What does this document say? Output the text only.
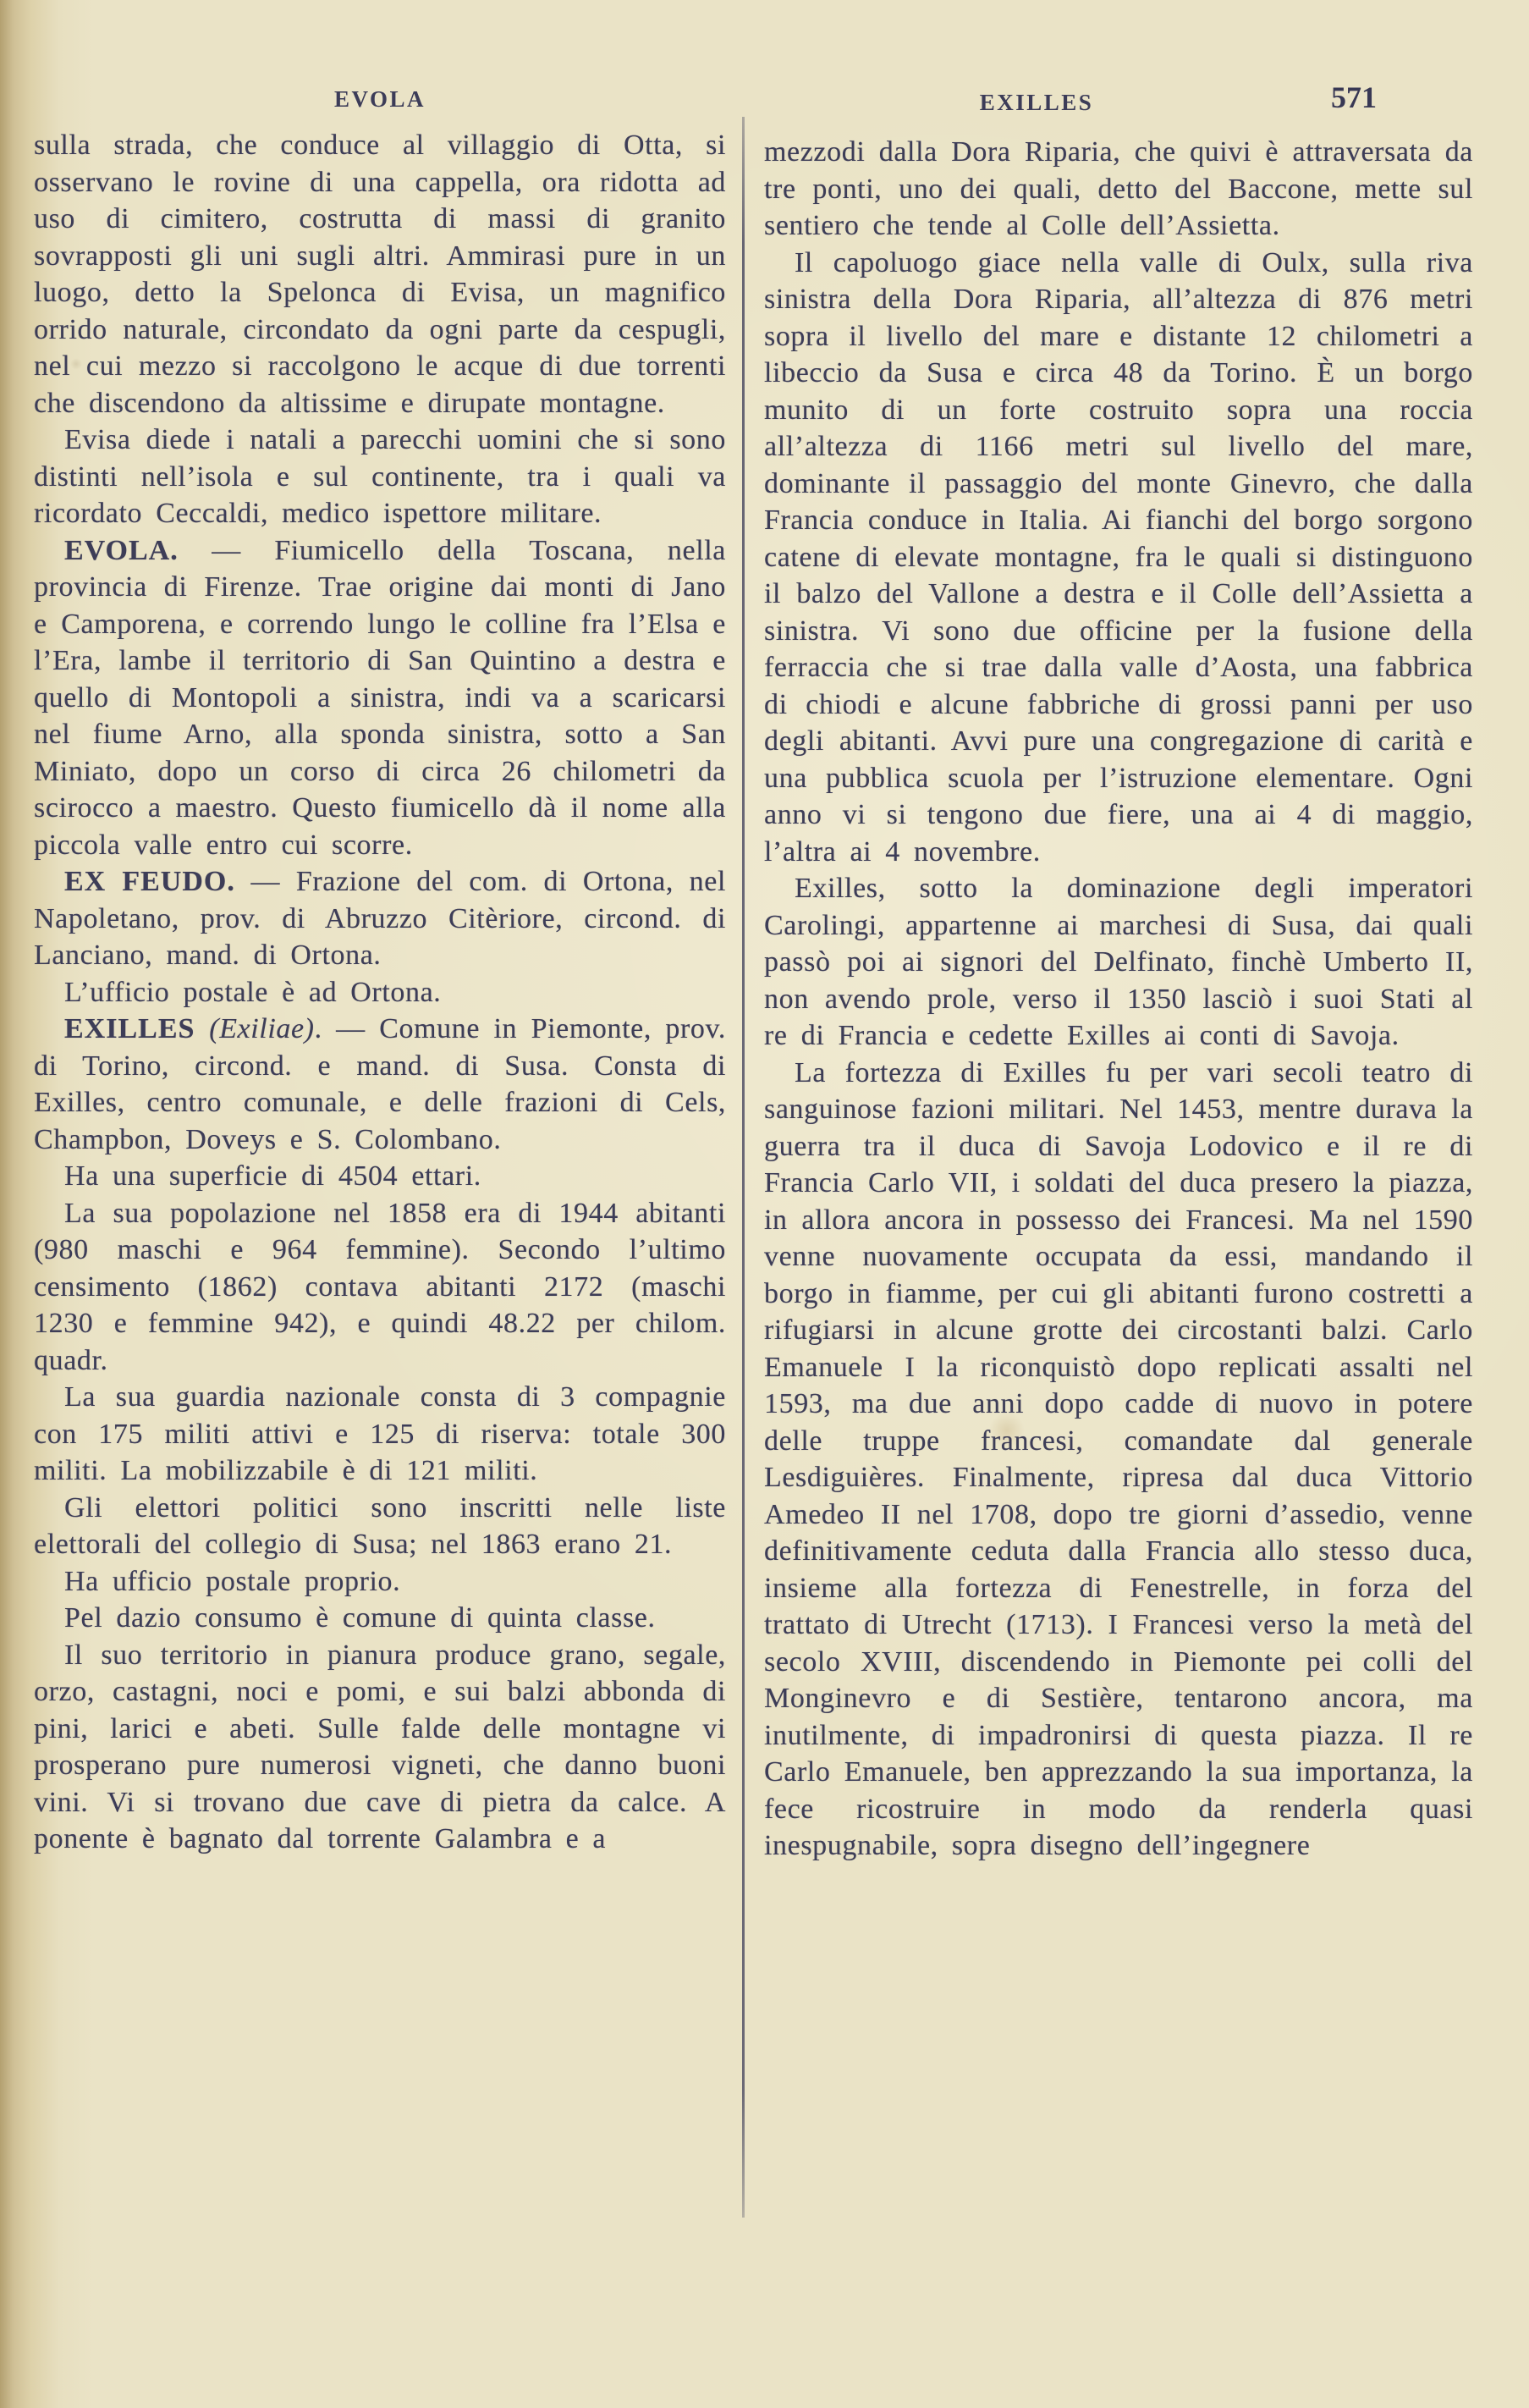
EVOLA	EXILLES	571

sulla strada, che conduce al villaggio di Otta, si osservano le rovine di una cappella, ora ridotta ad uso di cimitero, costrutta di massi di granito sovrapposti gli uni sugli altri. Ammirasi pure in un luogo, detto la Spelonca di Evisa, un magnifico orrido naturale, circondato da ogni parte da cespugli, nel cui mezzo si raccolgono le acque di due torrenti che discendono da altissime e dirupate montagne.

Evisa diede i natali a parecchi uomini che si sono distinti nell’isola e sul continente, tra i quali va ricordato Ceccaldi, medico ispettore militare.

EVOLA. — Fiumicello della Toscana, nella provincia di Firenze. Trae origine dai monti di Jano e Camporena, e correndo lungo le colline fra l’Elsa e l’Era, lambe il territorio di San Quintino a destra e quello di Montopoli a sinistra, indi va a scaricarsi nel fiume Arno, alla sponda sinistra, sotto a San Miniato, dopo un corso di circa 26 chilometri da scirocco a maestro. Questo fiumicello dà il nome alla piccola valle entro cui scorre.

EX FEUDO. — Frazione del com. di Ortona, nel Napoletano, prov. di Abruzzo Citèriore, circond. di Lanciano, mand. di Ortona.

L’ufficio postale è ad Ortona.

EXILLES (Exiliae). — Comune in Piemonte, prov. di Torino, circond. e mand. di Susa. Consta di Exilles, centro comunale, e delle frazioni di Cels, Champbon, Doveys e S. Colombano.

Ha una superficie di 4504 ettari.

La sua popolazione nel 1858 era di 1944 abitanti (980 maschi e 964 femmine). Secondo l’ultimo censimento (1862) contava abitanti 2172 (maschi 1230 e femmine 942), e quindi 48.22 per chilom. quadr.

La sua guardia nazionale consta di 3 compagnie con 175 militi attivi e 125 di riserva: totale 300 militi. La mobilizzabile è di 121 militi.

Gli elettori politici sono inscritti nelle liste elettorali del collegio di Susa; nel 1863 erano 21.

Ha ufficio postale proprio.

Pel dazio consumo è comune di quinta classe.

Il suo territorio in pianura produce grano, segale, orzo, castagni, noci e pomi, e sui balzi abbonda di pini, larici e abeti. Sulle falde delle montagne vi prosperano pure numerosi vigneti, che danno buoni vini. Vi si trovano due cave di pietra da calce. A ponente è bagnato dal torrente Galambra e a

mezzodi dalla Dora Riparia, che quivi è attraversata da tre ponti, uno dei quali, detto del Baccone, mette sul sentiero che tende al Colle dell’Assietta.

Il capoluogo giace nella valle di Oulx, sulla riva sinistra della Dora Riparia, all’altezza di 876 metri sopra il livello del mare e distante 12 chilometri a libeccio da Susa e circa 48 da Torino. È un borgo munito di un forte costruito sopra una roccia all’altezza di 1166 metri sul livello del mare, dominante il passaggio del monte Ginevro, che dalla Francia conduce in Italia. Ai fianchi del borgo sorgono catene di elevate montagne, fra le quali si distinguono il balzo del Vallone a destra e il Colle dell’Assietta a sinistra. Vi sono due officine per la fusione della ferraccia che si trae dalla valle d’Aosta, una fabbrica di chiodi e alcune fabbriche di grossi panni per uso degli abitanti. Avvi pure una congregazione di carità e una pubblica scuola per l’istruzione elementare. Ogni anno vi si tengono due fiere, una ai 4 di maggio, l’altra ai 4 novembre.

Exilles, sotto la dominazione degli imperatori Carolingi, appartenne ai marchesi di Susa, dai quali passò poi ai signori del Delfinato, finchè Umberto II, non avendo prole, verso il 1350 lasciò i suoi Stati al re di Francia e cedette Exilles ai conti di Savoja.

La fortezza di Exilles fu per vari secoli teatro di sanguinose fazioni militari. Nel 1453, mentre durava la guerra tra il duca di Savoja Lodovico e il re di Francia Carlo VII, i soldati del duca presero la piazza, in allora ancora in possesso dei Francesi. Ma nel 1590 venne nuovamente occupata da essi, mandando il borgo in fiamme, per cui gli abitanti furono costretti a rifugiarsi in alcune grotte dei circostanti balzi. Carlo Emanuele I la riconquistò dopo replicati assalti nel 1593, ma due anni dopo cadde di nuovo in potere delle truppe francesi, comandate dal generale Lesdiguières. Finalmente, ripresa dal duca Vittorio Amedeo II nel 1708, dopo tre giorni d’assedio, venne definitivamente ceduta dalla Francia allo stesso duca, insieme alla fortezza di Fenestrelle, in forza del trattato di Utrecht (1713). I Francesi verso la metà del secolo XVIII, discendendo in Piemonte pei colli del Monginevro e di Sestière, tentarono ancora, ma inutilmente, di impadronirsi di questa piazza. Il re Carlo Emanuele, ben apprezzando la sua importanza, la fece ricostruire in modo da renderla quasi inespugnabile, sopra disegno dell’ingegnere
